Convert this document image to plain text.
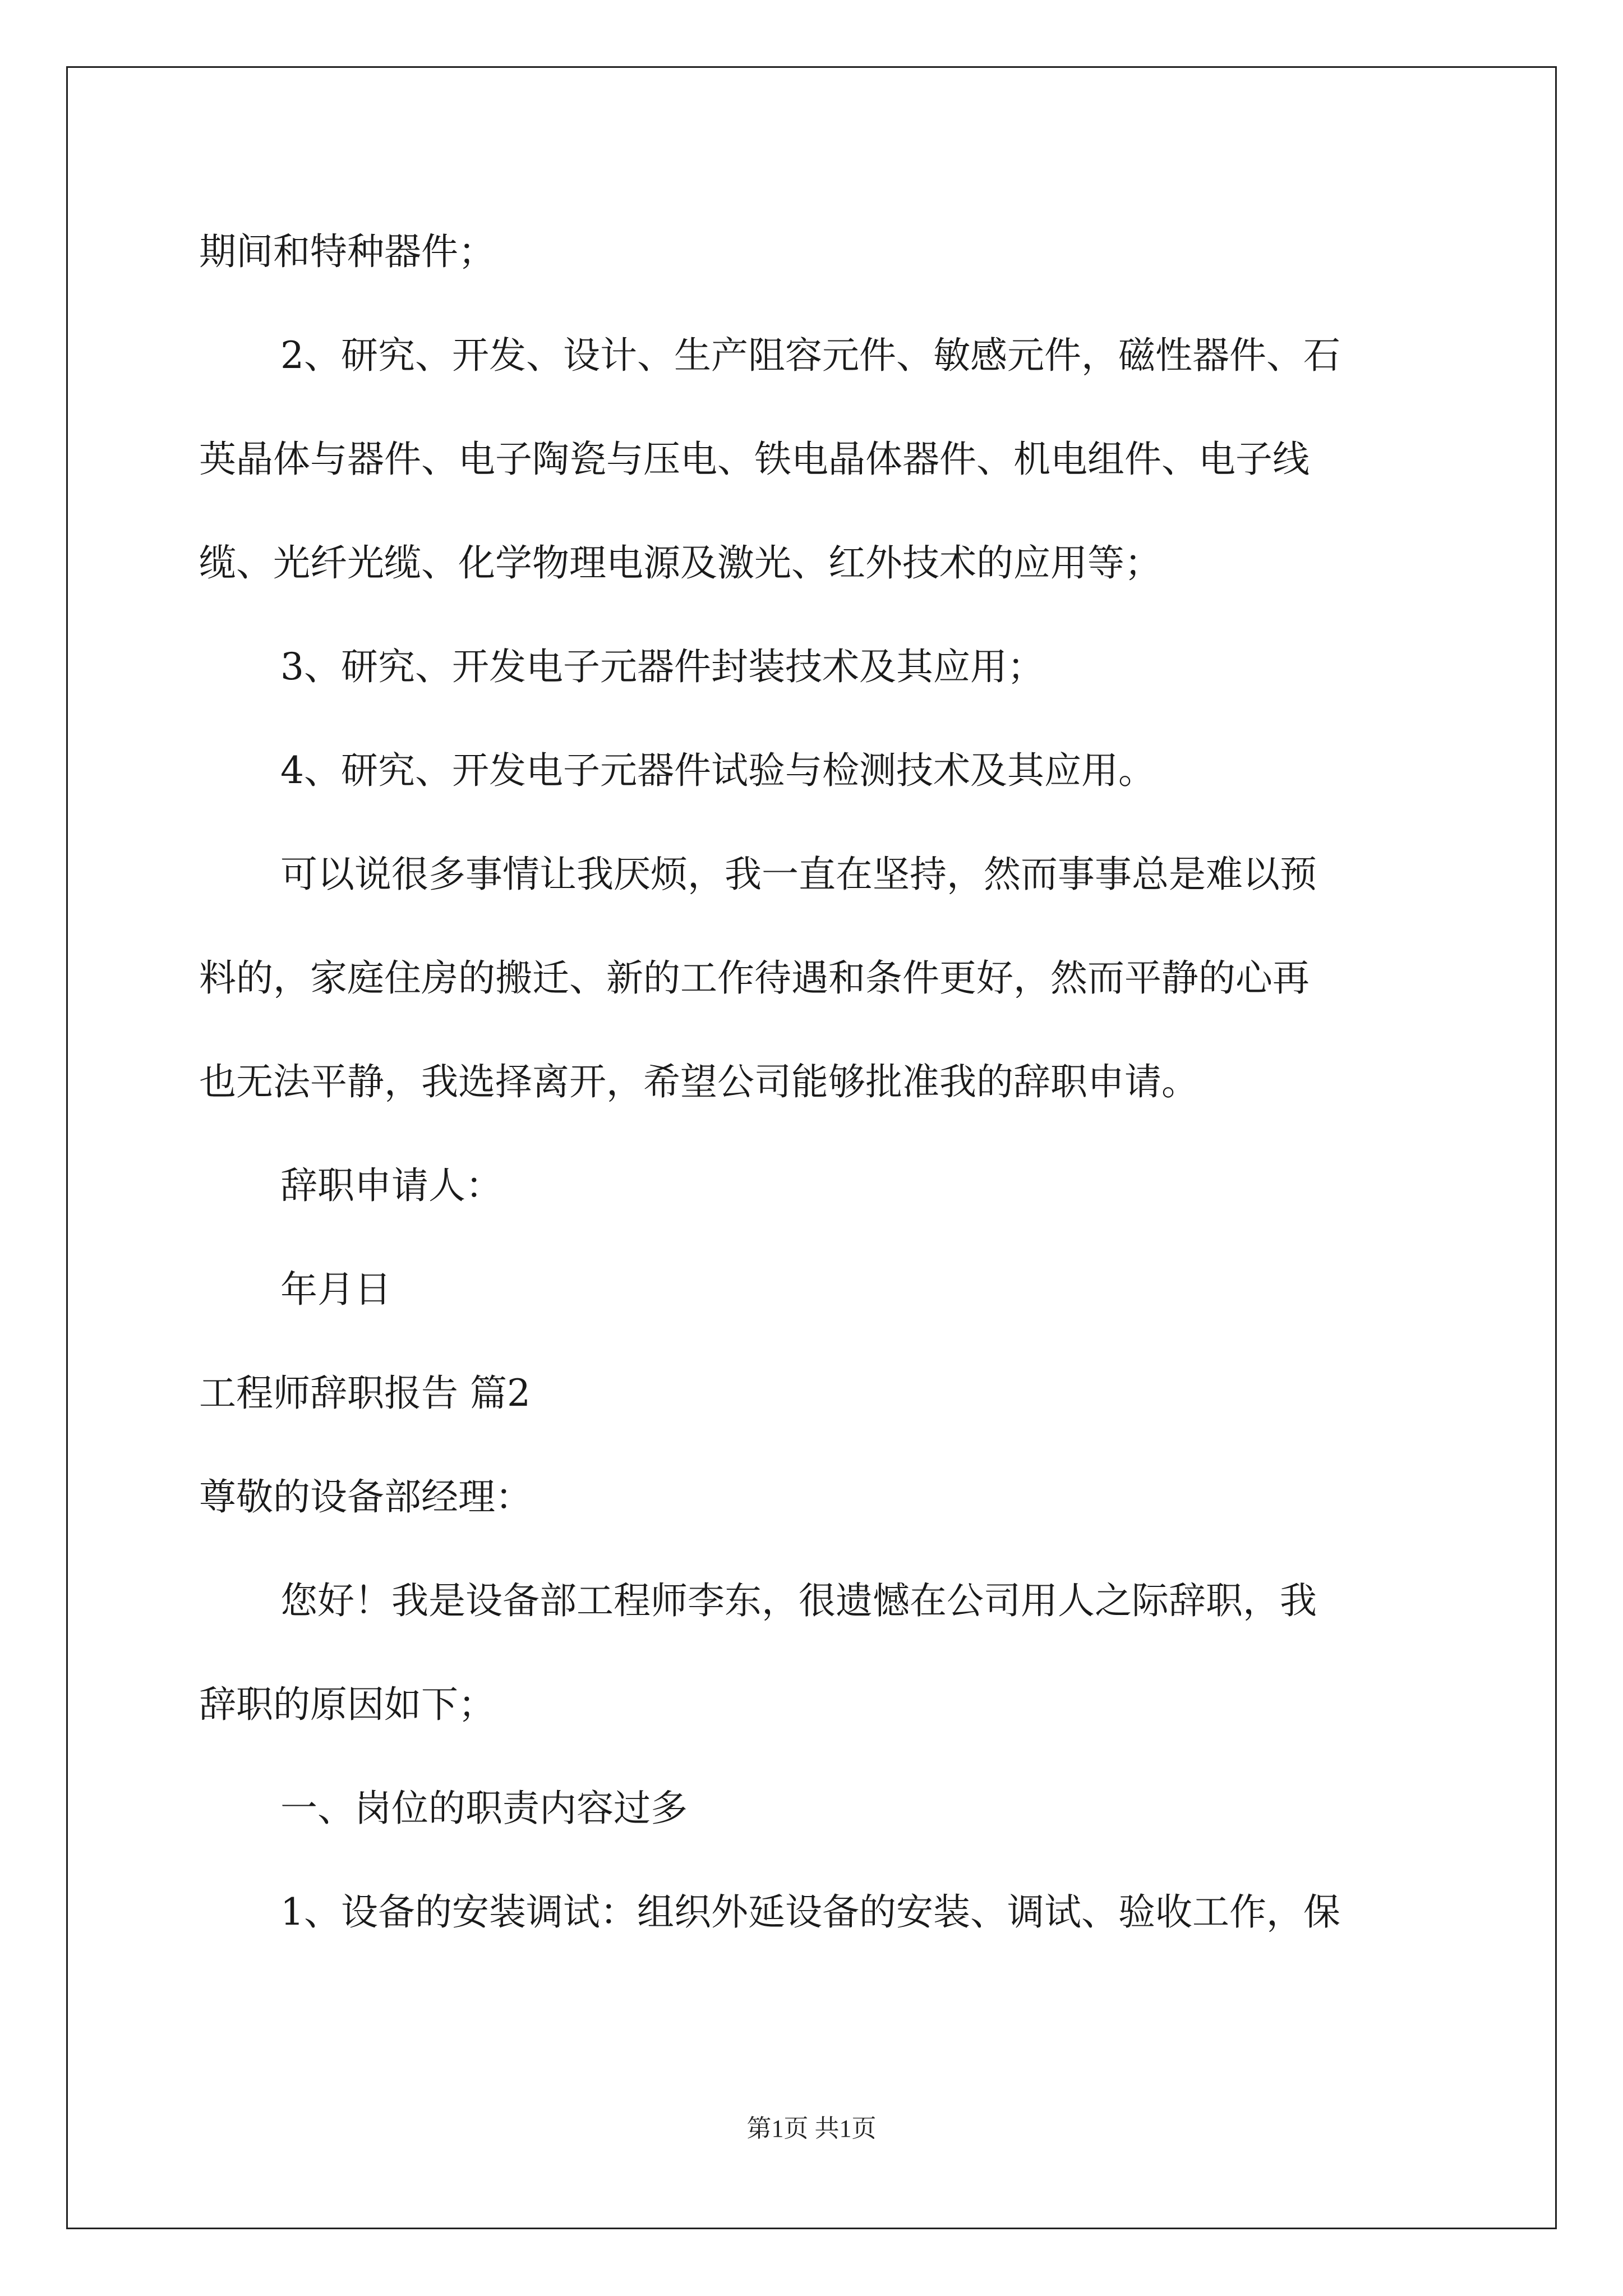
期间和特种器件；
2、研究、开发、设计、生产阻容元件、敏感元件，磁性器件、石
英晶体与器件、电子陶瓷与压电、铁电晶体器件、机电组件、电子线
缆、光纤光缆、化学物理电源及激光、红外技术的应用等；
3、研究、开发电子元器件封装技术及其应用；
4、研究、开发电子元器件试验与检测技术及其应用。
可以说很多事情让我厌烦，我一直在坚持，然而事事总是难以预
料的，家庭住房的搬迁、新的工作待遇和条件更好，然而平静的心再
也无法平静，我选择离开，希望公司能够批准我的辞职申请。
辞职申请人：
年月日
工程师辞职报告 篇2
尊敬的设备部经理：
您好！我是设备部工程师李东，很遗憾在公司用人之际辞职，我
辞职的原因如下；
一、岗位的职责内容过多
1、设备的安装调试：组织外延设备的安装、调试、验收工作，保
第1页 共1页
